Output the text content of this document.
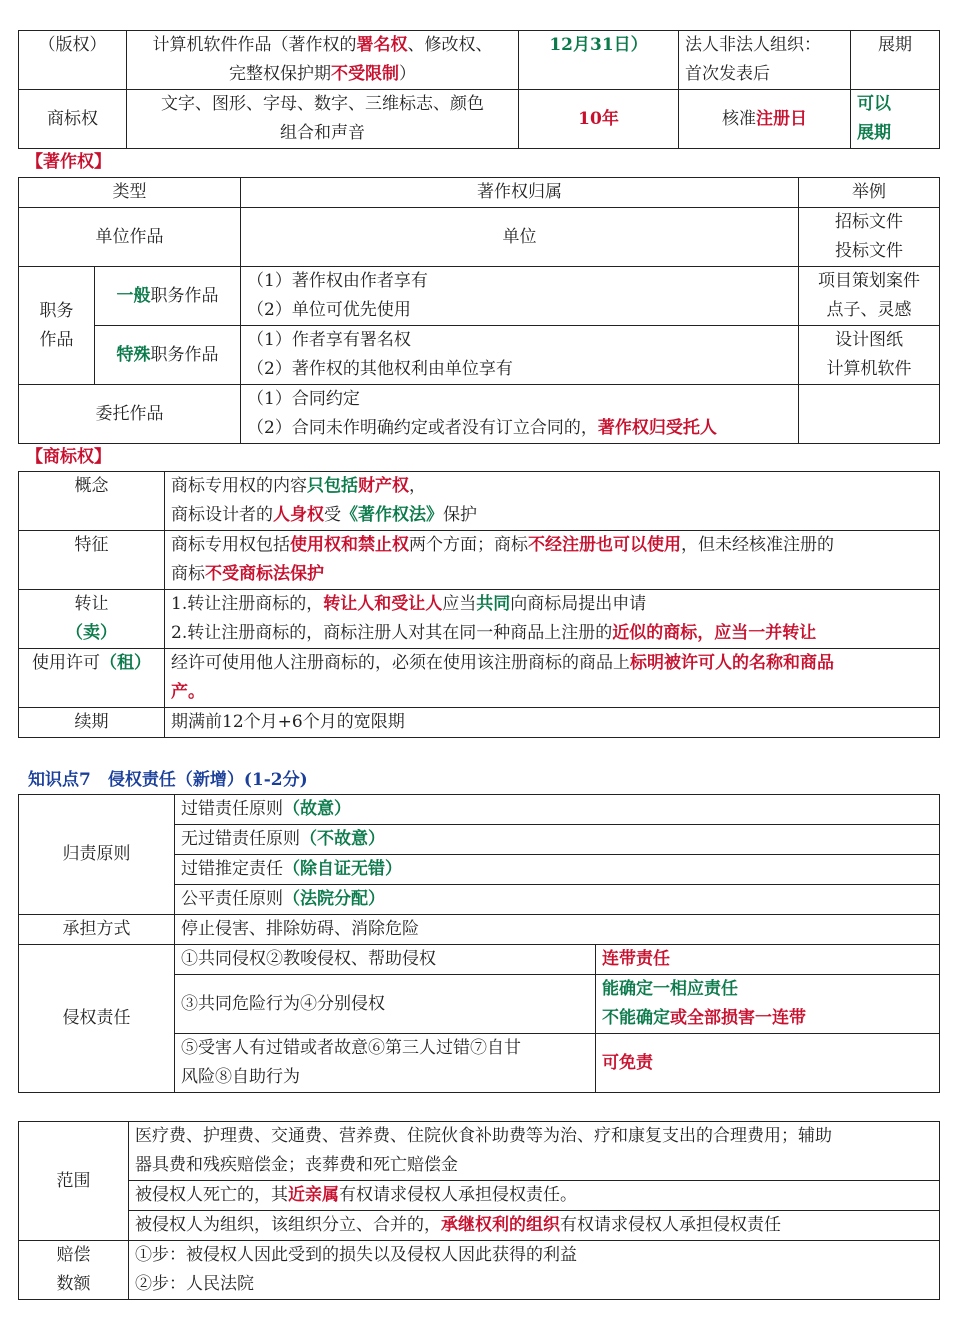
（版权）	计算机软件作品（著作权的署名权、修改权、
完整权保护期不受限制）	12月31日）	法人非法人组织：
首次发表后	展期
商标权	文字、图形、字母、数字、三维标志、颜色
组合和声音	10年	核准注册日	可以
展期
【著作权】
类型		著作权归属	举例
单位作品		单位	招标文件
投标文件
职务
作品	一般职务作品	（1）著作权由作者享有
（2）单位可优先使用	项目策划案件
点子、灵感
	特殊职务作品	（1）作者享有署名权
（2）著作权的其他权利由单位享有	设计图纸
计算机软件
委托作品		（1）合同约定
（2）合同未作明确约定或者没有订立合同的，著作权归受托人	
【商标权】
概念	商标专用权的内容只包括财产权，
商标设计者的人身权受《著作权法》保护
特征	商标专用权包括使用权和禁止权两个方面；商标不经注册也可以使用，但未经核准注册的
商标不受商标法保护
转让
（卖）	1.转让注册商标的，转让人和受让人应当共同向商标局提出申请
2.转让注册商标的，商标注册人对其在同一种商品上注册的近似的商标，应当一并转让
使用许可（租）	经许可使用他人注册商标的，必须在使用该注册商标的商品上标明被许可人的名称和商品
产。
续期	期满前12个月+6个月的宽限期
知识点7　侵权责任（新增）(1-2分)
归责原则	过错责任原则（故意）	
	无过错责任原则（不故意）	
	过错推定责任（除自证无错）	
	公平责任原则（法院分配）	
承担方式	停止侵害、排除妨碍、消除危险	
侵权责任	①共同侵权②教唆侵权、帮助侵权	连带责任
	③共同危险行为④分别侵权	能确定一相应责任
不能确定或全部损害一连带
	⑤受害人有过错或者故意⑥第三人过错⑦自甘
风险⑧自助行为	可免责
范围	医疗费、护理费、交通费、营养费、住院伙食补助费等为治、疗和康复支出的合理费用；辅助
器具费和残疾赔偿金；丧葬费和死亡赔偿金
	被侵权人死亡的，其近亲属有权请求侵权人承担侵权责任。
	被侵权人为组织，该组织分立、合并的，承继权利的组织有权请求侵权人承担侵权责任
赔偿
数额	①步：被侵权人因此受到的损失以及侵权人因此获得的利益
②步：人民法院
